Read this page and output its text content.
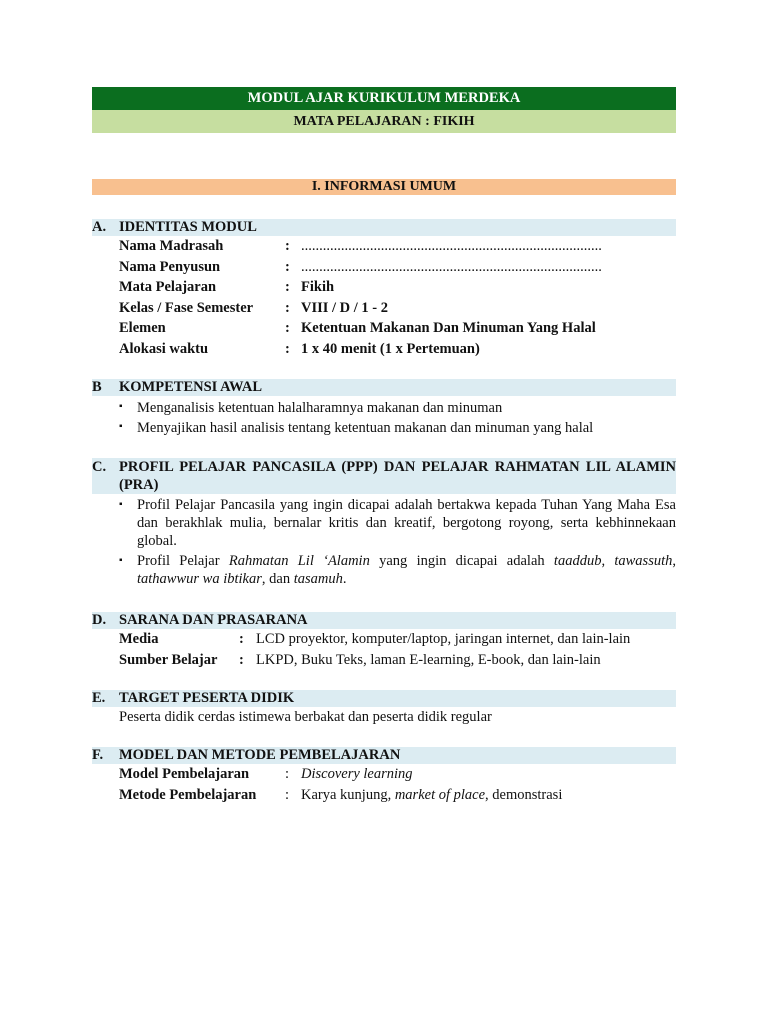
MODUL AJAR KURIKULUM MERDEKA
MATA PELAJARAN : FIKIH
I. INFORMASI UMUM
A. IDENTITAS MODUL
Nama Madrasah	: ...................................................................................
Nama Penyusun	: ...................................................................................
Mata Pelajaran	: Fikih
Kelas / Fase Semester	: VIII / D / 1 - 2
Elemen	: Ketentuan Makanan Dan Minuman Yang Halal
Alokasi waktu	: 1 x 40 menit (1 x Pertemuan)
B	KOMPETENSI AWAL
▪ Menganalisis ketentuan halalharamnya makanan dan minuman
▪ Menyajikan hasil analisis tentang ketentuan makanan dan minuman yang halal
C. PROFIL PELAJAR PANCASILA (PPP) DAN PELAJAR RAHMATAN LIL ALAMIN (PRA)
▪ Profil Pelajar Pancasila yang ingin dicapai adalah bertakwa kepada Tuhan Yang Maha Esa dan berakhlak mulia, bernalar kritis dan kreatif, bergotong royong, serta kebhinnekaan global.
▪ Profil Pelajar Rahmatan Lil ‘Alamin yang ingin dicapai adalah taaddub, tawassuth, tathawwur wa ibtikar, dan tasamuh.
D. SARANA DAN PRASARANA
Media	: LCD proyektor, komputer/laptop, jaringan internet, dan lain-lain
Sumber Belajar	: LKPD, Buku Teks, laman E-learning, E-book, dan lain-lain
E. TARGET PESERTA DIDIK
Peserta didik cerdas istimewa berbakat dan peserta didik regular
F.	MODEL DAN METODE PEMBELAJARAN
Model Pembelajaran	: Discovery learning
Metode Pembelajaran	: Karya kunjung, market of place, demonstrasi
